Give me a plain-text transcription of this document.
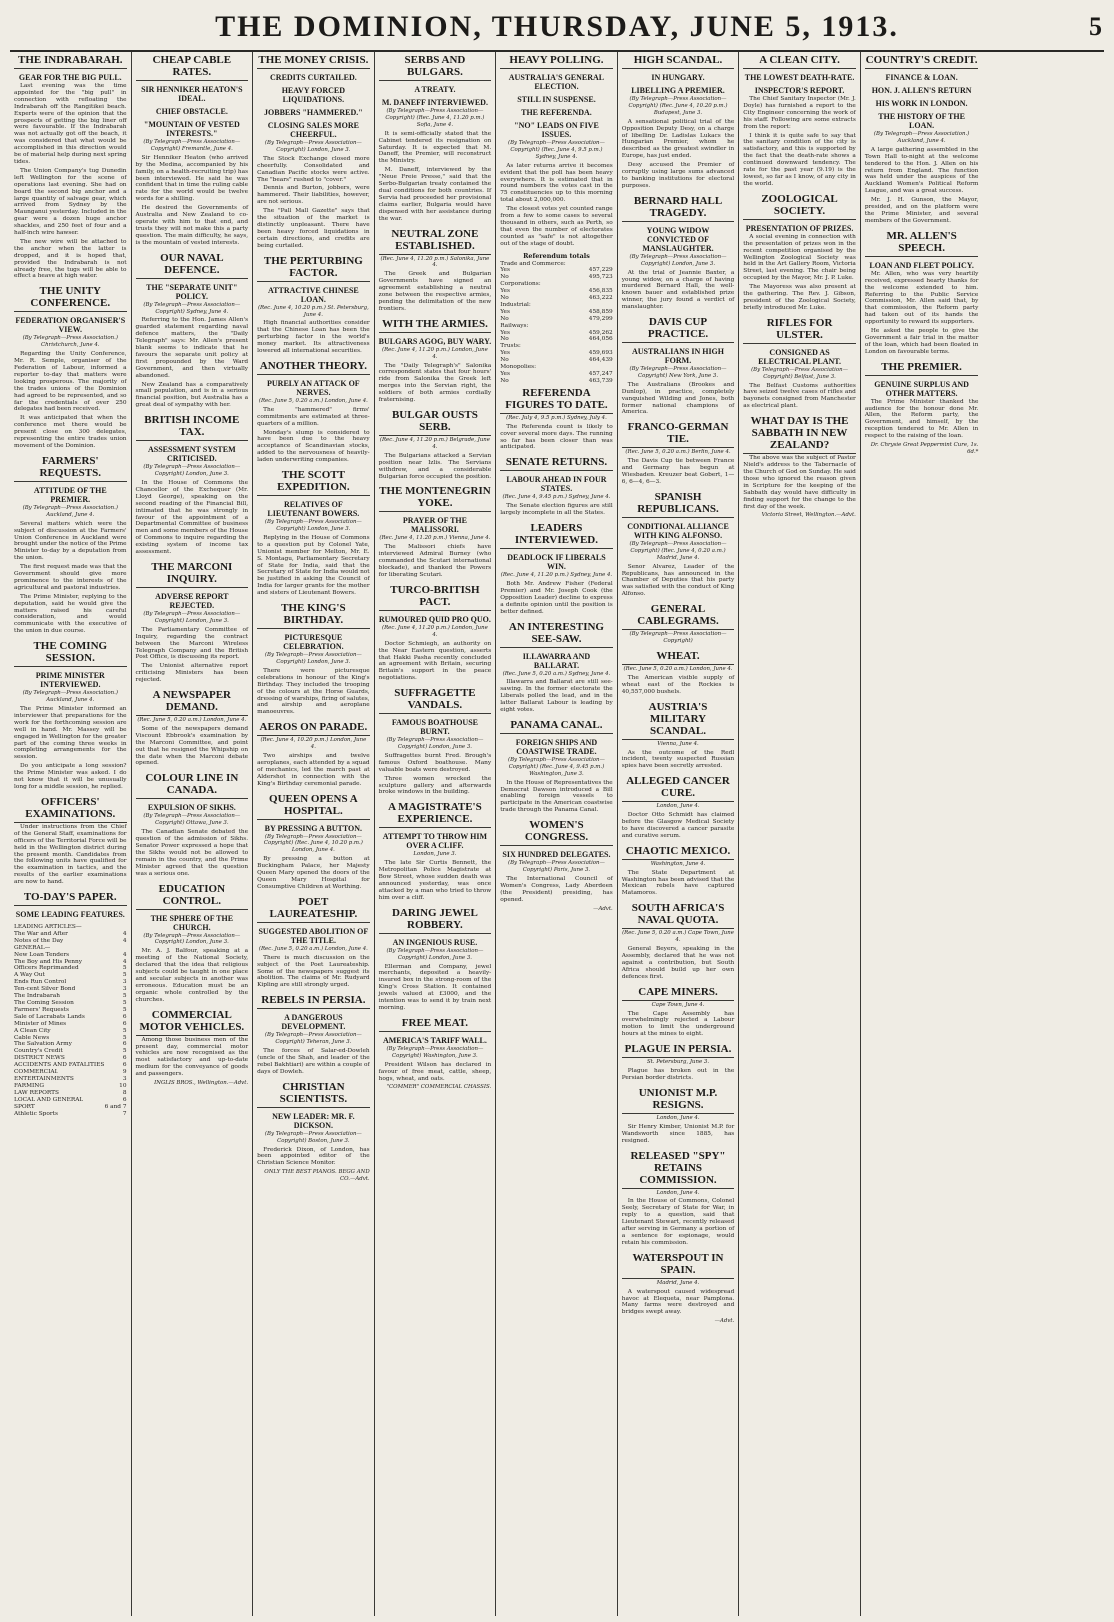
THE DOMINION, THURSDAY, JUNE 5, 1913.	5
THE INDRABARAH.
GEAR FOR THE BIG PULL.

Last evening was the time appointed for the "big pull" in connection with refloating the Indrabarah off the Rangitikei beach. Experts were of the opinion that the prospects of getting the big liner off were favourable. If the Indrabarah was not actually got off the beach, it was considered that what would be accomplished in this direction would be of material help during next spring tides.

The Union Company's tug Dunedin left Wellington for the scene of operations last evening. She had on board the second big anchor and a large quantity of salvage gear, which arrived from Sydney by the Maunganui yesterday. Included in the gear were a dozen huge anchor shackles, and 250 feet of four and a half-inch wire hawser.

The new wire will be attached to the anchor when the latter is dropped, and it is hoped that, provided the Indrabarah is not already free, the tugs will be able to effect a heave at high water.

THE UNITY CONFERENCE.
FEDERATION ORGANISER'S VIEW.
(By Telegraph—Press Association.) Christchurch, June 4.

Regarding the Unity Conference, Mr. R. Semple, organiser of the Federation of Labour, informed a reporter to-day that matters were looking prosperous. The majority of the trades unions of the Dominion had agreed to be represented, and so far the credentials of over 250 delegates had been received.

It was anticipated that when the conference met there would be present close on 300 delegates, representing the entire trades union movement of the Dominion.

FARMERS' REQUESTS.
ATTITUDE OF THE PREMIER.
(By Telegraph—Press Association.) Auckland, June 4.

Several matters which were the subject of discussion at the Farmers' Union Conference in Auckland were brought under the notice of the Prime Minister to-day by a deputation from the union.

The first request made was that the Government should give more prominence to the interests of the agricultural and pastoral industries.

The Prime Minister, replying to the deputation, said he would give the matters raised his careful consideration, and would communicate with the executive of the union in due course.

THE COMING SESSION.
PRIME MINISTER INTERVIEWED.
(By Telegraph—Press Association.) Auckland, June 4.

The Prime Minister informed an interviewer that preparations for the work for the forthcoming session are well in hand. Mr. Massey will be engaged in Wellington for the greater part of the coming three weeks in completing arrangements for the session.

Do you anticipate a long session? the Prime Minister was asked. I do not know that it will be unusually long for a middle session, he replied.

OFFICERS' EXAMINATIONS.

Under instructions from the Chief of the General Staff, examinations for officers of the Territorial Force will be held in the Wellington district during the present month. Candidates from the following units have qualified for the examination in tactics, and the results of the earlier examinations are now to hand.

TO-DAY'S PAPER.
SOME LEADING FEATURES.
LEADING ARTICLES—
The War and After	4
Notes of the Day	4
GENERAL—
New Loan Tenders	4
The Boy and His Penny	4
Officers Reprimanded	5
A Way Out	5
Ends Run Control	3
Ten-cent Silver Bond	3
The Indrabarah	5
The Coming Session	5
Farmers' Requests	5
Sale of Lacrabats Lands	6
Minister of Mines	6
A Clean City	5
Cable News	5
The Salvation Army	6
Country's Credit	5
DISTRICT NEWS	6
ACCIDENTS AND FATALITIES	6
COMMERCIAL	9
ENTERTAINMENTS	3
FARMING	10
LAW REPORTS	8
LOCAL AND GENERAL	6
SPORT	6 and 7
Athletic Sports	7
CHEAP CABLE RATES.
SIR HENNIKER HEATON'S IDEAL.
CHIEF OBSTACLE.
"MOUNTAIN OF VESTED INTERESTS."
(By Telegraph—Press Association—Copyright) Fremantle, June 4.

Sir Henniker Heaton (who arrived by the Medina, accompanied by his family, on a health-recruiting trip) has been interviewed. He said he was confident that in time the ruling cable rate for the world would be twelve words for a shilling.

He desired the Governments of Australia and New Zealand to co-operate with him to that end, and trusts they will not make this a party question. The main difficulty, he says, is the mountain of vested interests.

OUR NAVAL DEFENCE.
THE "SEPARATE UNIT" POLICY.
(By Telegraph—Press Association—Copyright) Sydney, June 4.

Referring to the Hon. James Allen's guarded statement regarding naval defence matters, the "Daily Telegraph" says: Mr. Allen's present blank seems to indicate that he favours the separate unit policy at first propounded by the Ward Government, and then virtually abandoned.

New Zealand has a comparatively small population, and is in a serious financial position, but Australia has a great deal of sympathy with her.

BRITISH INCOME TAX.
ASSESSMENT SYSTEM CRITICISED.
(By Telegraph—Press Association—Copyright) London, June 3.

In the House of Commons the Chancellor of the Exchequer (Mr. Lloyd George), speaking on the second reading of the Financial Bill, intimated that he was strongly in favour of the appointment of a Departmental Committee of business men and some members of the House of Commons to inquire regarding the existing system of income tax assessment.

THE MARCONI INQUIRY.
ADVERSE REPORT REJECTED.
(By Telegraph—Press Association—Copyright) London, June 3.

The Parliamentary Committee of Inquiry, regarding the contract between the Marconi Wireless Telegraph Company and the British Post Office, is discussing its report.

The Unionist alternative report criticising Ministers has been rejected.

A NEWSPAPER DEMAND.
(Rec. June 5, 0.20 a.m.) London, June 4.

Some of the newspapers demand Viscount Ebbrook's examination by the Marconi Committee, and point out that he resigned the Whipship on the date when the Marconi debate opened.

COLOUR LINE IN CANADA.
EXPULSION OF SIKHS.
(By Telegraph—Press Association—Copyright) Ottawa, June 3.

The Canadian Senate debated the question of the admission of Sikhs. Senator Power expressed a hope that the Sikhs would not be allowed to remain in the country, and the Prime Minister agreed that the question was a serious one.

EDUCATION CONTROL.
THE SPHERE OF THE CHURCH.
(By Telegraph—Press Association—Copyright) London, June 3.

Mr. A. J. Balfour, speaking at a meeting of the National Society, declared that the idea that religious subjects could be taught in one place and secular subjects in another was erroneous. Education must be an organic whole controlled by the churches.

COMMERCIAL MOTOR VEHICLES.

Among those business men of the present day, commercial motor vehicles are now recognised as the most satisfactory and up-to-date medium for the conveyance of goods and passengers.

INGLIS BROS., Wellington.—Advt.
THE MONEY CRISIS.
CREDITS CURTAILED.
HEAVY FORCED LIQUIDATIONS.
JOBBERS "HAMMERED."
CLOSING SALES MORE CHEERFUL.
(By Telegraph—Press Association—Copyright) London, June 3.

The Stock Exchange closed more cheerfully. Consolidated and Canadian Pacific stocks were active. The "bears" rushed to "cover."

Dennis and Burton, jobbers, were hammered. Their liabilities, however, are not serious.

The "Pall Mall Gazette" says that the situation of the market is distinctly unpleasant. There have been heavy forced liquidations in certain directions, and credits are being curtailed.

THE PERTURBING FACTOR.
ATTRACTIVE CHINESE LOAN.
(Rec. June 4, 10.20 p.m.) St. Petersburg, June 4.

High financial authorities consider that the Chinese Loan has been the perturbing factor in the world's money market. Its attractiveness lowered all international securities.

ANOTHER THEORY.
PURELY AN ATTACK OF NERVES.
(Rec. June 5, 0.20 a.m.) London, June 4.

The "hammered" firms' commitments are estimated at three-quarters of a million.

Monday's slump is considered to have been due to the heavy acceptance of Scandinavian stocks, added to the nervousness of heavily-laden underwriting companies.

THE SCOTT EXPEDITION.
RELATIVES OF LIEUTENANT BOWERS.
(By Telegraph—Press Association—Copyright) London, June 3.

Replying in the House of Commons to a question put by Colonel Yate, Unionist member for Melton, Mr. E. S. Montagu, Parliamentary Secretary of State for India, said that the Secretary of State for India would not be justified in asking the Council of India for larger grants for the mother and sisters of Lieutenant Bowers.

THE KING'S BIRTHDAY.
PICTURESQUE CELEBRATION.
(By Telegraph—Press Association—Copyright) London, June 3.

There were picturesque celebrations in honour of the King's Birthday. They included the trooping of the colours at the Horse Guards, dressing of warships, firing of salutes, and airship and aeroplane manoeuvres.

AEROS ON PARADE.
(Rec. June 4, 10.20 p.m.) London, June 4.

Two airships and twelve aeroplanes, each attended by a squad of mechanics, led the march past at Aldershot in connection with the King's Birthday ceremonial parade.

QUEEN OPENS A HOSPITAL.
BY PRESSING A BUTTON.
(By Telegraph—Press Association—Copyright) (Rec. June 4, 10.20 p.m.) London, June 4.

By pressing a button at Buckingham Palace, her Majesty Queen Mary opened the doors of the Queen Mary Hospital for Consumptive Children at Worthing.

POET LAUREATESHIP.
SUGGESTED ABOLITION OF THE TITLE.
(Rec. June 5, 0.20 a.m.) London, June 4.

There is much discussion on the subject of the Poet Laureateship. Some of the newspapers suggest its abolition. The claims of Mr. Rudyard Kipling are still strongly urged.

REBELS IN PERSIA.
A DANGEROUS DEVELOPMENT.
(By Telegraph—Press Association—Copyright) Teheran, June 3.

The forces of Salar-ed-Dowleh (uncle of the Shah, and leader of the rebel Bakhtiari) are within a couple of days of Dowleh.

CHRISTIAN SCIENTISTS.
NEW LEADER: MR. F. DICKSON.
(By Telegraph—Press Association—Copyright) Boston, June 3.

Frederick Dixon, of London, has been appointed editor of the Christian Science Monitor.

ONLY THE BEST PIANOS. BEGG AND CO.—Advt.
SERBS AND BULGARS.
A TREATY.
M. DANEFF INTERVIEWED.
(By Telegraph—Press Association—Copyright) (Rec. June 4, 11.20 p.m.) Sofia, June 4.

It is semi-officially stated that the Cabinet tendered its resignation on Saturday. It is expected that M. Daneff, the Premier, will reconstruct the Ministry.

M. Daneff, interviewed by the "Neue Freie Presse," said that the Serbo-Bulgarian treaty contained the dual conditions for both countries. If Servia had proceeded her provisional claims earlier, Bulgaria would have dispensed with her assistance during the war.

NEUTRAL ZONE ESTABLISHED.
(Rec. June 4, 11.20 p.m.) Salonika, June 4.

The Greek and Bulgarian Governments have signed an agreement establishing a neutral zone between the respective armies, pending the delimitation of the new frontiers.

WITH THE ARMIES.
BULGARS AGOG, BUY WARY.
(Rec. June 4, 11.20 p.m.) London, June 4.

The "Daily Telegraph's" Salonika correspondent states that four hours' ride from Salonika the Greek left merges into the Servian right, the soldiers of both armies cordially fraternising.

BULGAR OUSTS SERB.
(Rec. June 4, 11.20 p.m.) Belgrade, June 4.

The Bulgarians attacked a Servian position near Izlis. The Servians withdrew, and a considerable Bulgarian force occupied the position.

THE MONTENEGRIN YOKE.
PRAYER OF THE MALISSORI.
(Rec. June 4, 11.20 p.m.) Vienna, June 4.

The Malissori chiefs have interviewed Admiral Burney (who commanded the Scutari international blockade), and thanked the Powers for liberating Scutari.

TURCO-BRITISH PACT.
RUMOURED QUID PRO QUO.
(Rec. June 4, 11.20 p.m.) London, June 4.

Doctor Schmiegh, an authority on the Near Eastern question, asserts that Hakki Pasha recently concluded an agreement with Britain, securing Britain's support in the peace negotiations.

SUFFRAGETTE VANDALS.
FAMOUS BOATHOUSE BURNT.
(By Telegraph—Press Association—Copyright) London, June 3.

Suffragettes burnt Fred. Brough's famous Oxford boathouse. Many valuable boats were destroyed.

Three women wrecked the sculpture gallery and afterwards broke windows in the building.

A MAGISTRATE'S EXPERIENCE.
ATTEMPT TO THROW HIM OVER A CLIFF.
London, June 3.

The late Sir Curtis Bennett, the Metropolitan Police Magistrate at Bow Street, whose sudden death was announced yesterday, was once attacked by a man who tried to throw him over a cliff.

DARING JEWEL ROBBERY.
AN INGENIOUS RUSE.
(By Telegraph—Press Association—Copyright) London, June 3.

Ellerman and Company, jewel merchants, deposited a heavily-insured box in the strong-room of the King's Cross Station. It contained jewels valued at £3000, and the intention was to send it by train next morning.

FREE MEAT.
AMERICA'S TARIFF WALL.
(By Telegraph—Press Association—Copyright) Washington, June 3.

President Wilson has declared in favour of free meat, cattle, sheep, hogs, wheat, and oats.

"COMMER" COMMERCIAL CHASSIS.
HEAVY POLLING.
AUSTRALIA'S GENERAL ELECTION.
STILL IN SUSPENSE.
THE REFERENDA.
"NO" LEADS ON FIVE ISSUES.
(By Telegraph—Press Association—Copyright) (Rec. June 4, 9.5 p.m.) Sydney, June 4.

As later returns arrive it becomes evident that the poll has been heavy everywhere. It is estimated that in round numbers the votes cast in the 75 constituencies up to this morning total about 2,000,000.

The closest votes yet counted range from a few to some cases to several thousand in others, such as Perth, so that even the number of electorates counted as "safe" is not altogether out of the stage of doubt.

Referendum totals
Trade and Commerce:
Yes	457,229
No	495,723
Corporations:
Yes	456,835
No	463,222
Industrial:
Yes	458,859
No	479,299
Railways:
Yes	459,262
No	464,056
Trusts:
Yes	459,693
No	464,439
Monopolies:
Yes	457,247
No	463,739
REFERENDA FIGURES TO DATE.
(Rec. July 4, 9.5 p.m.) Sydney, July 4.

The Referenda count is likely to cover several more days. The running so far has been closer than was anticipated.

SENATE RETURNS.
LABOUR AHEAD IN FOUR STATES.
(Rec. June 4, 9.45 p.m.) Sydney, June 4.

The Senate election figures are still largely incomplete in all the States.

LEADERS INTERVIEWED.
DEADLOCK IF LIBERALS WIN.
(Rec. June 4, 11.20 p.m.) Sydney, June 4.

Both Mr. Andrew Fisher (Federal Premier) and Mr. Joseph Cook (the Opposition Leader) decline to express a definite opinion until the position is better defined.

AN INTERESTING SEE-SAW.
ILLAWARRA AND BALLARAT.
(Rec. June 5, 0.20 a.m.) Sydney, June 4.

Illawarra and Ballarat are still see-sawing. In the former electorate the Liberals polled the lead, and in the latter Ballarat Labour is leading by eight votes.

PANAMA CANAL.
FOREIGN SHIPS AND COASTWISE TRADE.
(By Telegraph—Press Association—Copyright) (Rec. June 4, 9.45 p.m.) Washington, June 3.

In the House of Representatives the Democrat Dawson introduced a Bill enabling foreign vessels to participate in the American coastwise trade through the Panama Canal.

WOMEN'S CONGRESS.
SIX HUNDRED DELEGATES.
(By Telegraph—Press Association—Copyright) Paris, June 3.

The International Council of Women's Congress, Lady Aberdeen (the President) presiding, has opened.

—Advt.
HIGH SCANDAL.
IN HUNGARY.
LIBELLING A PREMIER.
(By Telegraph—Press Association—Copyright) (Rec. June 4, 10.20 p.m.) Budapest, June 3.

A sensational political trial of the Opposition Deputy Desy, on a charge of libelling Dr. Ladislas Lukacs the Hungarian Premier, whom he described as the greatest swindler in Europe, has just ended.

Desy accused the Premier of corruptly using large sums advanced to banking institutions for electoral purposes.

BERNARD HALL TRAGEDY.
YOUNG WIDOW CONVICTED OF MANSLAUGHTER.
(By Telegraph—Press Association—Copyright) London, June 3.

At the trial of Jeannie Baxter, a young widow, on a charge of having murdered Bernard Hall, the well-known bauer and established prize winner, the jury found a verdict of manslaughter.

DAVIS CUP PRACTICE.
AUSTRALIANS IN HIGH FORM.
(By Telegraph—Press Association—Copyright) New York, June 3.

The Australians (Brookes and Dunlop), in practice, completely vanquished Wilding and Jones, both former national champions of America.

FRANCO-GERMAN TIE.
(Rec. June 5, 0.20 a.m.) Berlin, June 4.

The Davis Cup tie between France and Germany has begun at Wiesbaden. Kreuzer beat Gobert, 1—6, 6—4, 6—3.

SPANISH REPUBLICANS.
CONDITIONAL ALLIANCE WITH KING ALFONSO.
(By Telegraph—Press Association—Copyright) (Rec. June 4, 0.20 a.m.) Madrid, June 4.

Senor Alvarez, Leader of the Republicans, has announced in the Chamber of Deputies that his party was satisfied with the conduct of King Alfonso.

GENERAL CABLEGRAMS.
(By Telegraph—Press Association—Copyright)
WHEAT.
(Rec. June 5, 0.20 a.m.) London, June 4.

The American visible supply of wheat east of the Rockies is 40,557,000 bushels.

AUSTRIA'S MILITARY SCANDAL.
Vienna, June 4.

As the outcome of the Redl incident, twenty suspected Russian spies have been secretly arrested.

ALLEGED CANCER CURE.
London, June 4.

Doctor Otto Schmidt has claimed before the Glasgow Medical Society to have discovered a cancer parasite and curative serum.

CHAOTIC MEXICO.
Washington, June 4.

The State Department at Washington has been advised that the Mexican rebels have captured Matamoros.

SOUTH AFRICA'S NAVAL QUOTA.
(Rec. June 5, 0.20 a.m.) Cape Town, June 4.

General Beyers, speaking in the Assembly, declared that he was not against a contribution, but South Africa should build up her own defences first.

CAPE MINERS.
Cape Town, June 4.

The Cape Assembly has overwhelmingly rejected a Labour motion to limit the underground hours at the mines to eight.

PLAGUE IN PERSIA.
St. Petersburg, June 3.

Plague has broken out in the Persian border districts.

UNIONIST M.P. RESIGNS.
London, June 4.

Sir Henry Kimber, Unionist M.P. for Wandsworth since 1885, has resigned.

RELEASED "SPY" RETAINS COMMISSION.
London, June 4.

In the House of Commons, Colonel Seely, Secretary of State for War, in reply to a question, said that Lieutenant Stewart, recently released after serving in Germany a portion of a sentence for espionage, would retain his commission.

WATERSPOUT IN SPAIN.
Madrid, June 4.

A waterspout caused widespread havoc at Elequeta, near Pamplona. Many farms were destroyed and bridges swept away.

—Advt.
A CLEAN CITY.
THE LOWEST DEATH-RATE.
INSPECTOR'S REPORT.

The Chief Sanitary Inspector (Mr. J. Doyle) has furnished a report to the City Engineer concerning the work of his staff. Following are some extracts from the report:

I think it is quite safe to say that the sanitary condition of the city is satisfactory, and this is supported by the fact that the death-rate shows a continued downward tendency. The rate for the past year (9.19) is the lowest, so far as I know, of any city in the world.

ZOOLOGICAL SOCIETY.
PRESENTATION OF PRIZES.

A social evening in connection with the presentation of prizes won in the recent competition organised by the Wellington Zoological Society was held in the Art Gallery Room, Victoria Street, last evening. The chair being occupied by the Mayor, Mr. J. P. Luke.

The Mayoress was also present at the gathering. The Rev. J. Gibson, president of the Zoological Society, briefly introduced Mr. Luke.

RIFLES FOR ULSTER.
CONSIGNED AS ELECTRICAL PLANT.
(By Telegraph—Press Association—Copyright) Belfast, June 3.

The Belfast Customs authorities have seized twelve cases of rifles and bayonets consigned from Manchester as electrical plant.

WHAT DAY IS THE SABBATH IN NEW ZEALAND?

The above was the subject of Pastor Nield's address to the Tabernacle of the Church of God on Sunday. He said those who ignored the reason given in Scripture for the keeping of the Sabbath day would have difficulty in finding support for the change to the first day of the week.

Victoria Street, Wellington.—Advt.
COUNTRY'S CREDIT.
FINANCE & LOAN.
HON. J. ALLEN'S RETURN
HIS WORK IN LONDON.
THE HISTORY OF THE LOAN.
(By Telegraph—Press Association.) Auckland, June 4.

A large gathering assembled in the Town Hall to-night at the welcome tendered to the Hon. J. Allen on his return from England. The function was held under the auspices of the Auckland Women's Political Reform League, and was a great success.

Mr. J. H. Gunson, the Mayor, presided, and on the platform were the Prime Minister, and several members of the Government.

MR. ALLEN'S SPEECH.
LOAN AND FLEET POLICY.

Mr. Allen, who was very heartily received, expressed hearty thanks for the welcome extended to him. Referring to the Public Service Commission, Mr. Allen said that, by that commission, the Reform party had taken out of its hands the opportunity to reward its supporters.

He asked the people to give the Government a fair trial in the matter of the loan, which had been floated in London on favourable terms.

THE PREMIER.
GENUINE SURPLUS AND OTHER MATTERS.

The Prime Minister thanked the audience for the honour done Mr. Allen, the Reform party, the Government, and himself, by the reception tendered to Mr. Allen in respect to the raising of the loan.

Dr. Chrysie Great Peppermint Cure, 1s. 6d.*
